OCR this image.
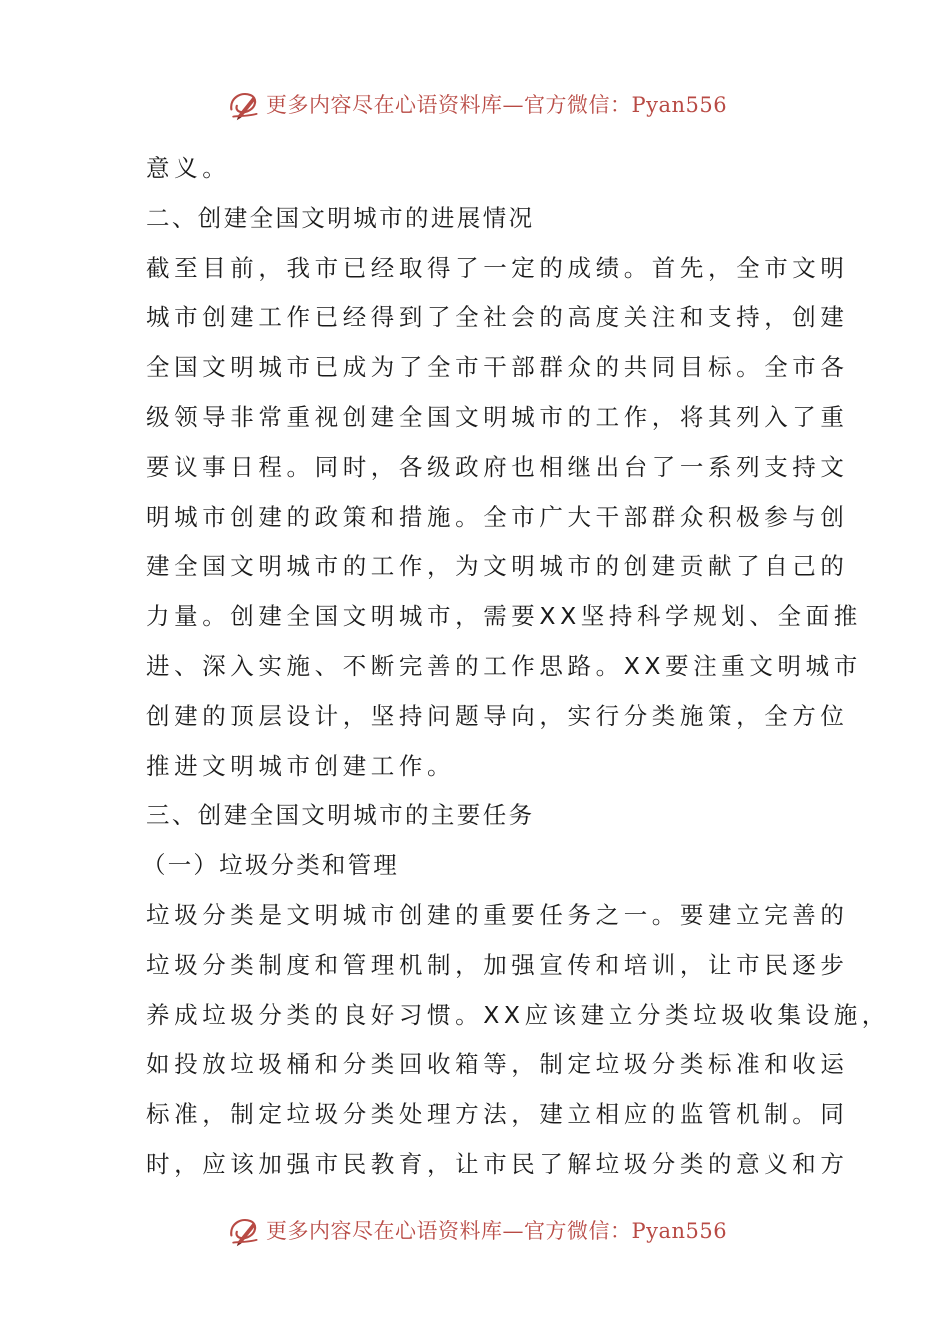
更多内容尽在心语资料库—官方微信：Pyan556
意义。
二、创建全国文明城市的进展情况
截至目前，我市已经取得了一定的成绩。首先，全市文明
城市创建工作已经得到了全社会的高度关注和支持，创建
全国文明城市已成为了全市干部群众的共同目标。全市各
级领导非常重视创建全国文明城市的工作，将其列入了重
要议事日程。同时，各级政府也相继出台了一系列支持文
明城市创建的政策和措施。全市广大干部群众积极参与创
建全国文明城市的工作，为文明城市的创建贡献了自己的
力量。创建全国文明城市，需要XX坚持科学规划、全面推
进、深入实施、不断完善的工作思路。XX要注重文明城市
创建的顶层设计，坚持问题导向，实行分类施策，全方位
推进文明城市创建工作。
三、创建全国文明城市的主要任务
（一）垃圾分类和管理
垃圾分类是文明城市创建的重要任务之一。要建立完善的
垃圾分类制度和管理机制，加强宣传和培训，让市民逐步
养成垃圾分类的良好习惯。XX应该建立分类垃圾收集设施，
如投放垃圾桶和分类回收箱等，制定垃圾分类标准和收运
标准，制定垃圾分类处理方法，建立相应的监管机制。同
时，应该加强市民教育，让市民了解垃圾分类的意义和方
更多内容尽在心语资料库—官方微信：Pyan556
